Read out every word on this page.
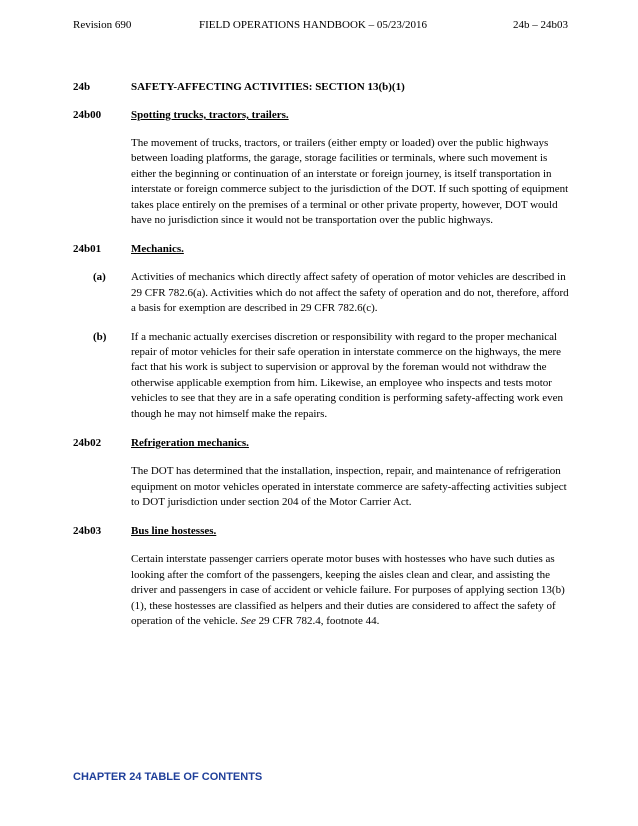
Revision 690	FIELD OPERATIONS HANDBOOK – 05/23/2016	24b – 24b03
24b	SAFETY-AFFECTING ACTIVITIES: SECTION 13(b)(1)
24b00	Spotting trucks, tractors, trailers.
The movement of trucks, tractors, or trailers (either empty or loaded) over the public highways between loading platforms, the garage, storage facilities or terminals, where such movement is either the beginning or continuation of an interstate or foreign journey, is itself transportation in interstate or foreign commerce subject to the jurisdiction of the DOT. If such spotting of equipment takes place entirely on the premises of a terminal or other private property, however, DOT would have no jurisdiction since it would not be transportation over the public highways.
24b01	Mechanics.
(a) Activities of mechanics which directly affect safety of operation of motor vehicles are described in 29 CFR 782.6(a). Activities which do not affect the safety of operation and do not, therefore, afford a basis for exemption are described in 29 CFR 782.6(c).
(b) If a mechanic actually exercises discretion or responsibility with regard to the proper mechanical repair of motor vehicles for their safe operation in interstate commerce on the highways, the mere fact that his work is subject to supervision or approval by the foreman would not withdraw the otherwise applicable exemption from him. Likewise, an employee who inspects and tests motor vehicles to see that they are in a safe operating condition is performing safety-affecting work even though he may not himself make the repairs.
24b02	Refrigeration mechanics.
The DOT has determined that the installation, inspection, repair, and maintenance of refrigeration equipment on motor vehicles operated in interstate commerce are safety-affecting activities subject to DOT jurisdiction under section 204 of the Motor Carrier Act.
24b03	Bus line hostesses.
Certain interstate passenger carriers operate motor buses with hostesses who have such duties as looking after the comfort of the passengers, keeping the aisles clean and clear, and assisting the driver and passengers in case of accident or vehicle failure. For purposes of applying section 13(b)(1), these hostesses are classified as helpers and their duties are considered to affect the safety of operation of the vehicle. See 29 CFR 782.4, footnote 44.
CHAPTER 24 TABLE OF CONTENTS
